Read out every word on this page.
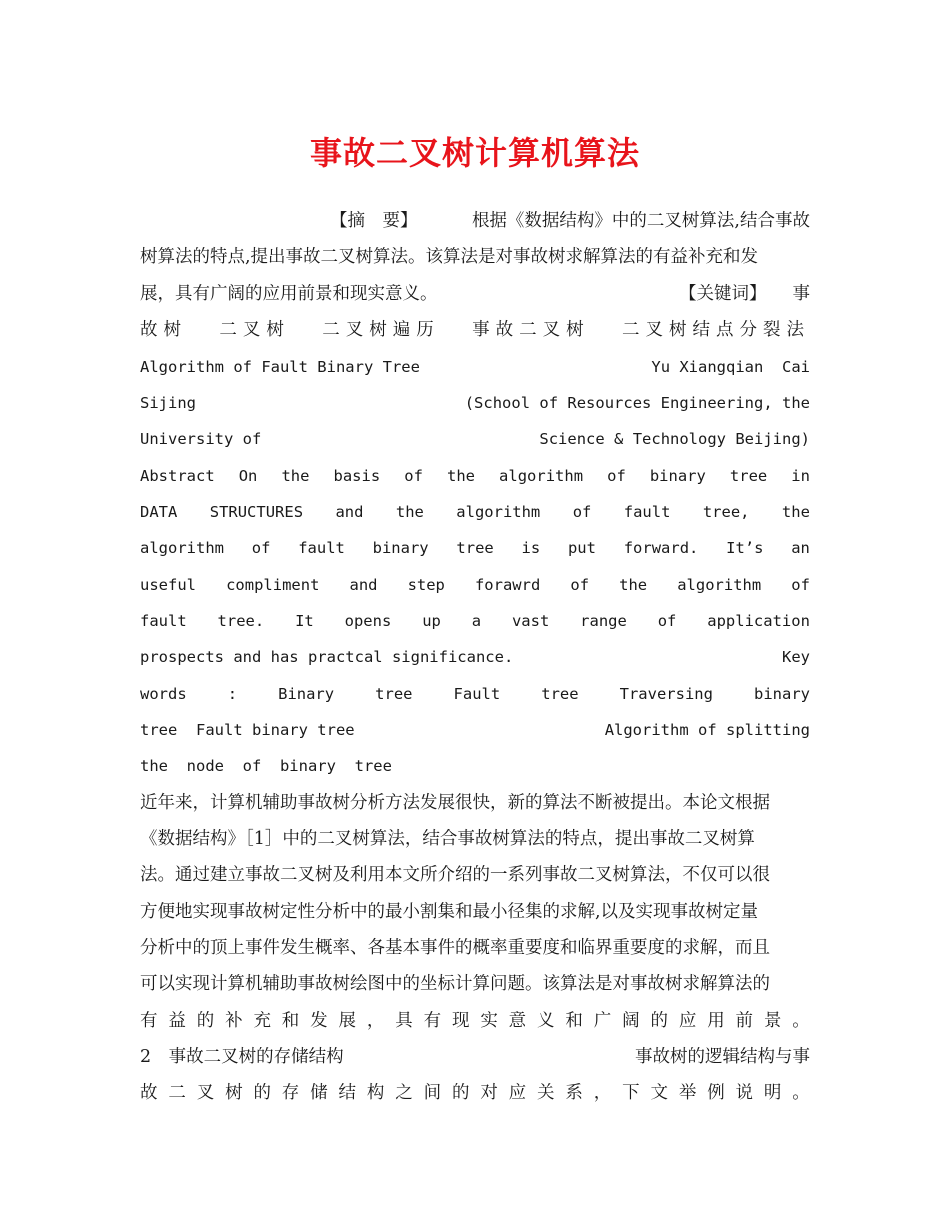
事故二叉树计算机算法
【摘　要】	根据《数据结构》中的二叉树算法,结合事故
树算法的特点,提出事故二叉树算法。该算法是对事故树求解算法的有益补充和发
展，具有广阔的应用前景和现实意义。	【关键词】 事
故树 二叉树 二叉树遍历 事故二叉树 二叉树结点分裂法
Algorithm of Fault Binary Tree	Yu Xiangqian  Cai
Sijing	(School of Resources Engineering, the
University of	Science & Technology Beijing)
Abstract On the basis of the algorithm of binary tree in
DATA STRUCTURES and the algorithm of fault tree, the
algorithm of fault binary tree is put forward. It’s an
useful compliment and step forawrd of the algorithm of
fault tree. It opens up a vast range of application
prospects and has practcal significance.	Key
words	:	Binary	tree	Fault	tree	Traversing	binary
tree  Fault binary tree	Algorithm of splitting
the  node  of  binary  tree
近年来，计算机辅助事故树分析方法发展很快，新的算法不断被提出。本论文根据
《数据结构》［1］中的二叉树算法，结合事故树算法的特点，提出事故二叉树算
法。通过建立事故二叉树及利用本文所介绍的一系列事故二叉树算法，不仅可以很
方便地实现事故树定性分析中的最小割集和最小径集的求解,以及实现事故树定量
分析中的顶上事件发生概率、各基本事件的概率重要度和临界重要度的求解，而且
可以实现计算机辅助事故树绘图中的坐标计算问题。该算法是对事故树求解算法的
有 益 的 补 充 和 发 展 ， 具 有 现 实 意 义 和 广 阔 的 应 用 前 景 。
2　事故二叉树的存储结构	事故树的逻辑结构与事
故 二 叉 树 的 存 储 结 构 之 间 的 对 应 关 系 ， 下 文 举 例 说 明 。
